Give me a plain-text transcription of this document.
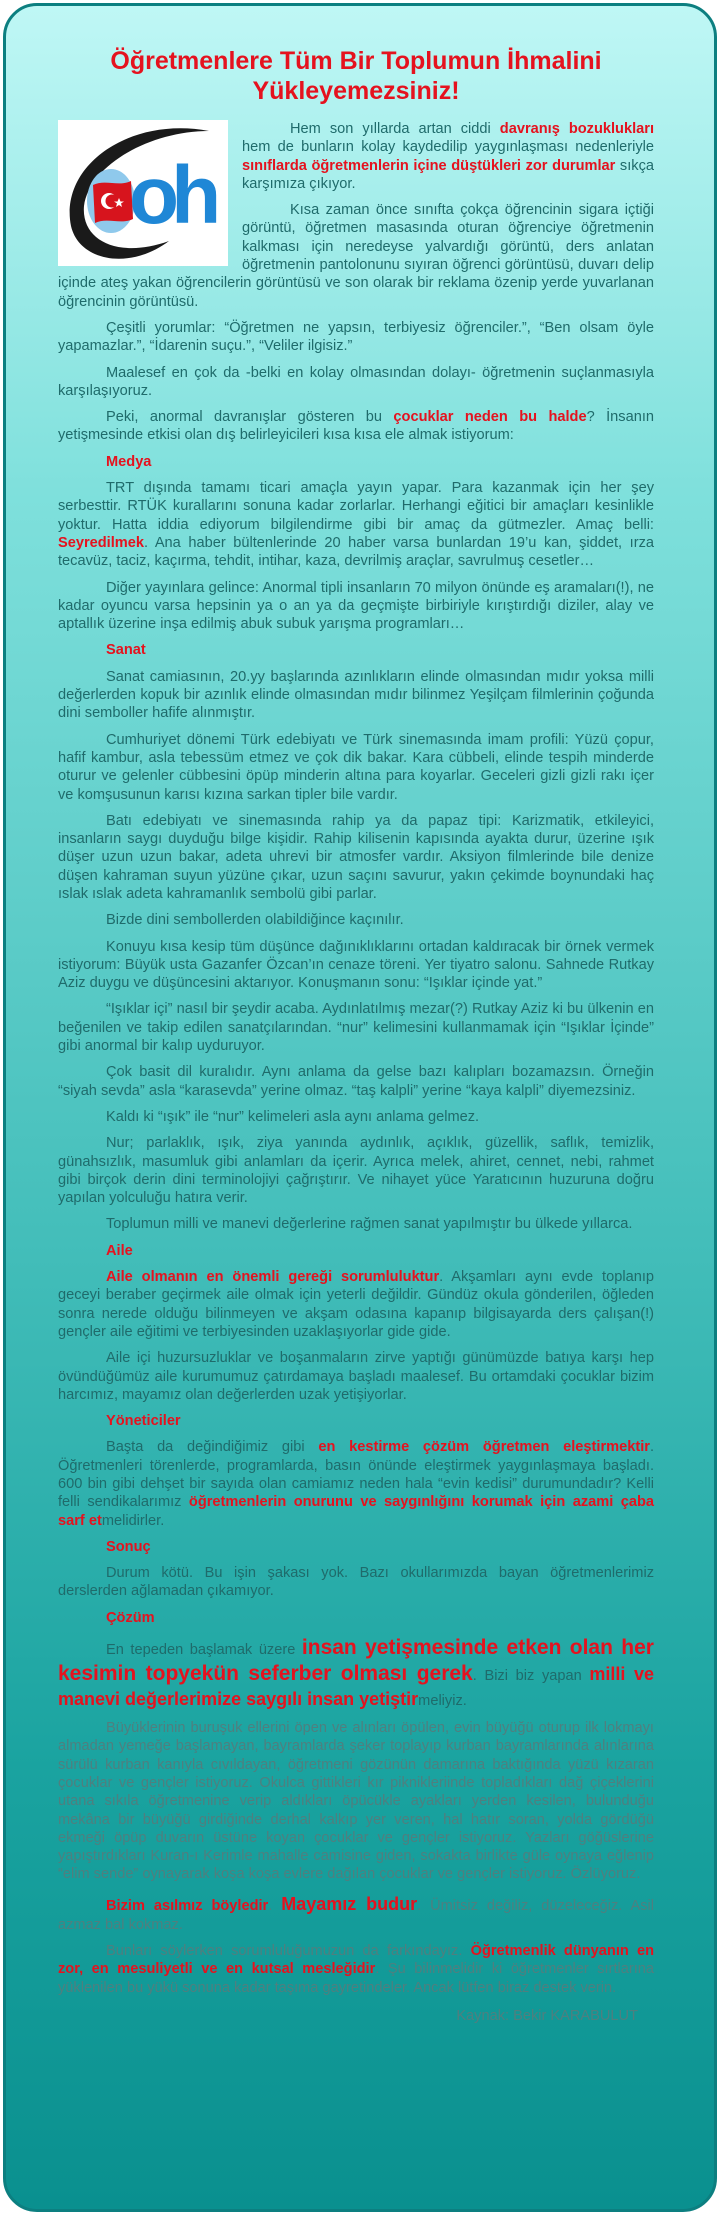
Öğretmenlere Tüm Bir Toplumun İhmalini Yükleyemezsiniz!
oh

Hem son yıllarda artan ciddi davranış bozuklukları hem de bunların kolay kaydedilip yaygınlaşması nedenleriyle sınıflarda öğretmenlerin içine düştükleri zor durumlar sıkça karşımıza çıkıyor.

Kısa zaman önce sınıfta çokça öğrencinin sigara içtiği görüntü, öğretmen masasında oturan öğrenciye öğretmenin kalkması için neredeyse yalvardığı görüntü, ders anlatan öğretmenin pantolonunu sıyıran öğrenci görüntüsü, duvarı delip içinde ateş yakan öğrencilerin görüntüsü ve son olarak bir reklama özenip yerde yuvarlanan öğrencinin görüntüsü.

Çeşitli yorumlar: “Öğretmen ne yapsın, terbiyesiz öğrenciler.”, “Ben olsam öyle yapamazlar.”, “İdarenin suçu.”, “Veliler ilgisiz.”

Maalesef en çok da -belki en kolay olmasından dolayı- öğretmenin suçlanmasıyla karşılaşıyoruz.

Peki, anormal davranışlar gösteren bu çocuklar neden bu halde? İnsanın yetişmesinde etkisi olan dış belirleyicileri kısa kısa ele almak istiyorum:

Medya

TRT dışında tamamı ticari amaçla yayın yapar. Para kazanmak için her şey serbesttir. RTÜK kurallarını sonuna kadar zorlarlar. Herhangi eğitici bir amaçları kesinlikle yoktur. Hatta iddia ediyorum bilgilendirme gibi bir amaç da gütmezler. Amaç belli: Seyredilmek. Ana haber bültenlerinde 20 haber varsa bunlardan 19’u kan, şiddet, ırza tecavüz, taciz, kaçırma, tehdit, intihar, kaza, devrilmiş araçlar, savrulmuş cesetler…

Diğer yayınlara gelince: Anormal tipli insanların 70 milyon önünde eş aramaları(!), ne kadar oyuncu varsa hepsinin ya o an ya da geçmişte birbiriyle kırıştırdığı diziler, alay ve aptallık üzerine inşa edilmiş abuk subuk yarışma programları…

Sanat

Sanat camiasının, 20.yy başlarında azınlıkların elinde olmasından mıdır yoksa milli değerlerden kopuk bir azınlık elinde olmasından mıdır bilinmez Yeşilçam filmlerinin çoğunda dini semboller hafife alınmıştır.

Cumhuriyet dönemi Türk edebiyatı ve Türk sinemasında imam profili: Yüzü çopur, hafif kambur, asla tebessüm etmez ve çok dik bakar. Kara cübbeli, elinde tespih minderde oturur ve gelenler cübbesini öpüp minderin altına para koyarlar. Geceleri gizli gizli rakı içer ve komşusunun karısı kızına sarkan tipler bile vardır.

Batı edebiyatı ve sinemasında rahip ya da papaz tipi: Karizmatik, etkileyici, insanların saygı duyduğu bilge kişidir. Rahip kilisenin kapısında ayakta durur, üzerine ışık düşer uzun uzun bakar, adeta uhrevi bir atmosfer vardır. Aksiyon filmlerinde bile denize düşen kahraman suyun yüzüne çıkar, uzun saçını savurur, yakın çekimde boynundaki haç ıslak ıslak adeta kahramanlık sembolü gibi parlar.

Bizde dini sembollerden olabildiğince kaçınılır.

Konuyu kısa kesip tüm düşünce dağınıklıklarını ortadan kaldıracak bir örnek vermek istiyorum: Büyük usta Gazanfer Özcan’ın cenaze töreni. Yer tiyatro salonu. Sahnede Rutkay Aziz duygu ve düşüncesini aktarıyor. Konuşmanın sonu: “Işıklar içinde yat.”

“Işıklar içi” nasıl bir şeydir acaba. Aydınlatılmış mezar(?) Rutkay Aziz ki bu ülkenin en beğenilen ve takip edilen sanatçılarından. “nur” kelimesini kullanmamak için “Işıklar İçinde” gibi anormal bir kalıp uyduruyor.

Çok basit dil kuralıdır. Aynı anlama da gelse bazı kalıpları bozamazsın. Örneğin “siyah sevda” asla “karasevda” yerine olmaz. “taş kalpli” yerine “kaya kalpli” diyemezsiniz.

Kaldı ki “ışık” ile “nur” kelimeleri asla aynı anlama gelmez.

Nur; parlaklık, ışık, ziya yanında aydınlık, açıklık, güzellik, saflık, temizlik, günahsızlık, masumluk gibi anlamları da içerir. Ayrıca melek, ahiret, cennet, nebi, rahmet gibi birçok derin dini terminolojiyi çağrıştırır. Ve nihayet yüce Yaratıcının huzuruna doğru yapılan yolculuğu hatıra verir.

Toplumun milli ve manevi değerlerine rağmen sanat yapılmıştır bu ülkede yıllarca.

Aile

Aile olmanın en önemli gereği sorumluluktur. Akşamları aynı evde toplanıp geceyi beraber geçirmek aile olmak için yeterli değildir. Gündüz okula gönderilen, öğleden sonra nerede olduğu bilinmeyen ve akşam odasına kapanıp bilgisayarda ders çalışan(!) gençler aile eğitimi ve terbiyesinden uzaklaşıyorlar gide gide.

Aile içi huzursuzluklar ve boşanmaların zirve yaptığı günümüzde batıya karşı hep övündüğümüz aile kurumumuz çatırdamaya başladı maalesef. Bu ortamdaki çocuklar bizim harcımız, mayamız olan değerlerden uzak yetişiyorlar.

Yöneticiler

Başta da değindiğimiz gibi en kestirme çözüm öğretmen eleştirmektir. Öğretmenleri törenlerde, programlarda, basın önünde eleştirmek yaygınlaşmaya başladı. 600 bin gibi dehşet bir sayıda olan camiamız neden hala “evin kedisi” durumundadır? Kelli felli sendikalarımız öğretmenlerin onurunu ve saygınlığını korumak için azami çaba sarf etmelidirler.

Sonuç

Durum kötü. Bu işin şakası yok. Bazı okullarımızda bayan öğretmenlerimiz derslerden ağlamadan çıkamıyor.

Çözüm

En tepeden başlamak üzere insan yetişmesinde etken olan her kesimin topyekün seferber olması gerek. Bizi biz yapan milli ve manevi değerlerimize saygılı insan yetiştirmeliyiz.

Büyüklerinin buruşuk ellerini öpen ve alınları öpülen, evin büyüğü oturup ilk lokmayı almadan yemeğe başlamayan, bayramlarda şeker toplayıp kurban bayramlarında alınlarına sürülü kurban kanıyla cıvıldayan, öğretmeni gözünün damarına baktığında yüzü kızaran çocuklar ve gençler istiyoruz. Okulca gittikleri kır piknikleriinde topladıkları dağ çiçeklerini utana sıkıla öğretmenine verip aldıkları öpücükle ayakları yerden kesilen, bulunduğu mekâna bir büyüğü girdiğinde derhal kalkıp yer veren, hal hatır soran, yolda gördüğü ekmeği öpüp duvarın üstüne koyan çocuklar ve gençler istiyoruz. Yazları göğüslerine yapıştırdıkları Kuran-ı Kerimle mahalle camisine giden, sokakta birlikte güle oynaya eğlenip “elim sende” oynayarak koşa koşa evlere dağılan çocuklar ve gençler istiyoruz. Özlüyoruz.

Bizim asılmız böyledir. Mayamız budur. Ümitsiz değiliz, düzeleceğiz. Asil azmaz bal kokmaz.

Bunları söylerken sorumluluğumuzun da farkındayız. Öğretmenlik dünyanın en zor, en mesuliyetli ve en kutsal mesleğidir. Şu bilinmelidir ki öğretmenler sırtlarına yüklenilen bu yükü sonuna kadar taşıma gayretindeler. Ancak lütfen biraz destek verin.

Kaynak: Bekir KARABULUT
